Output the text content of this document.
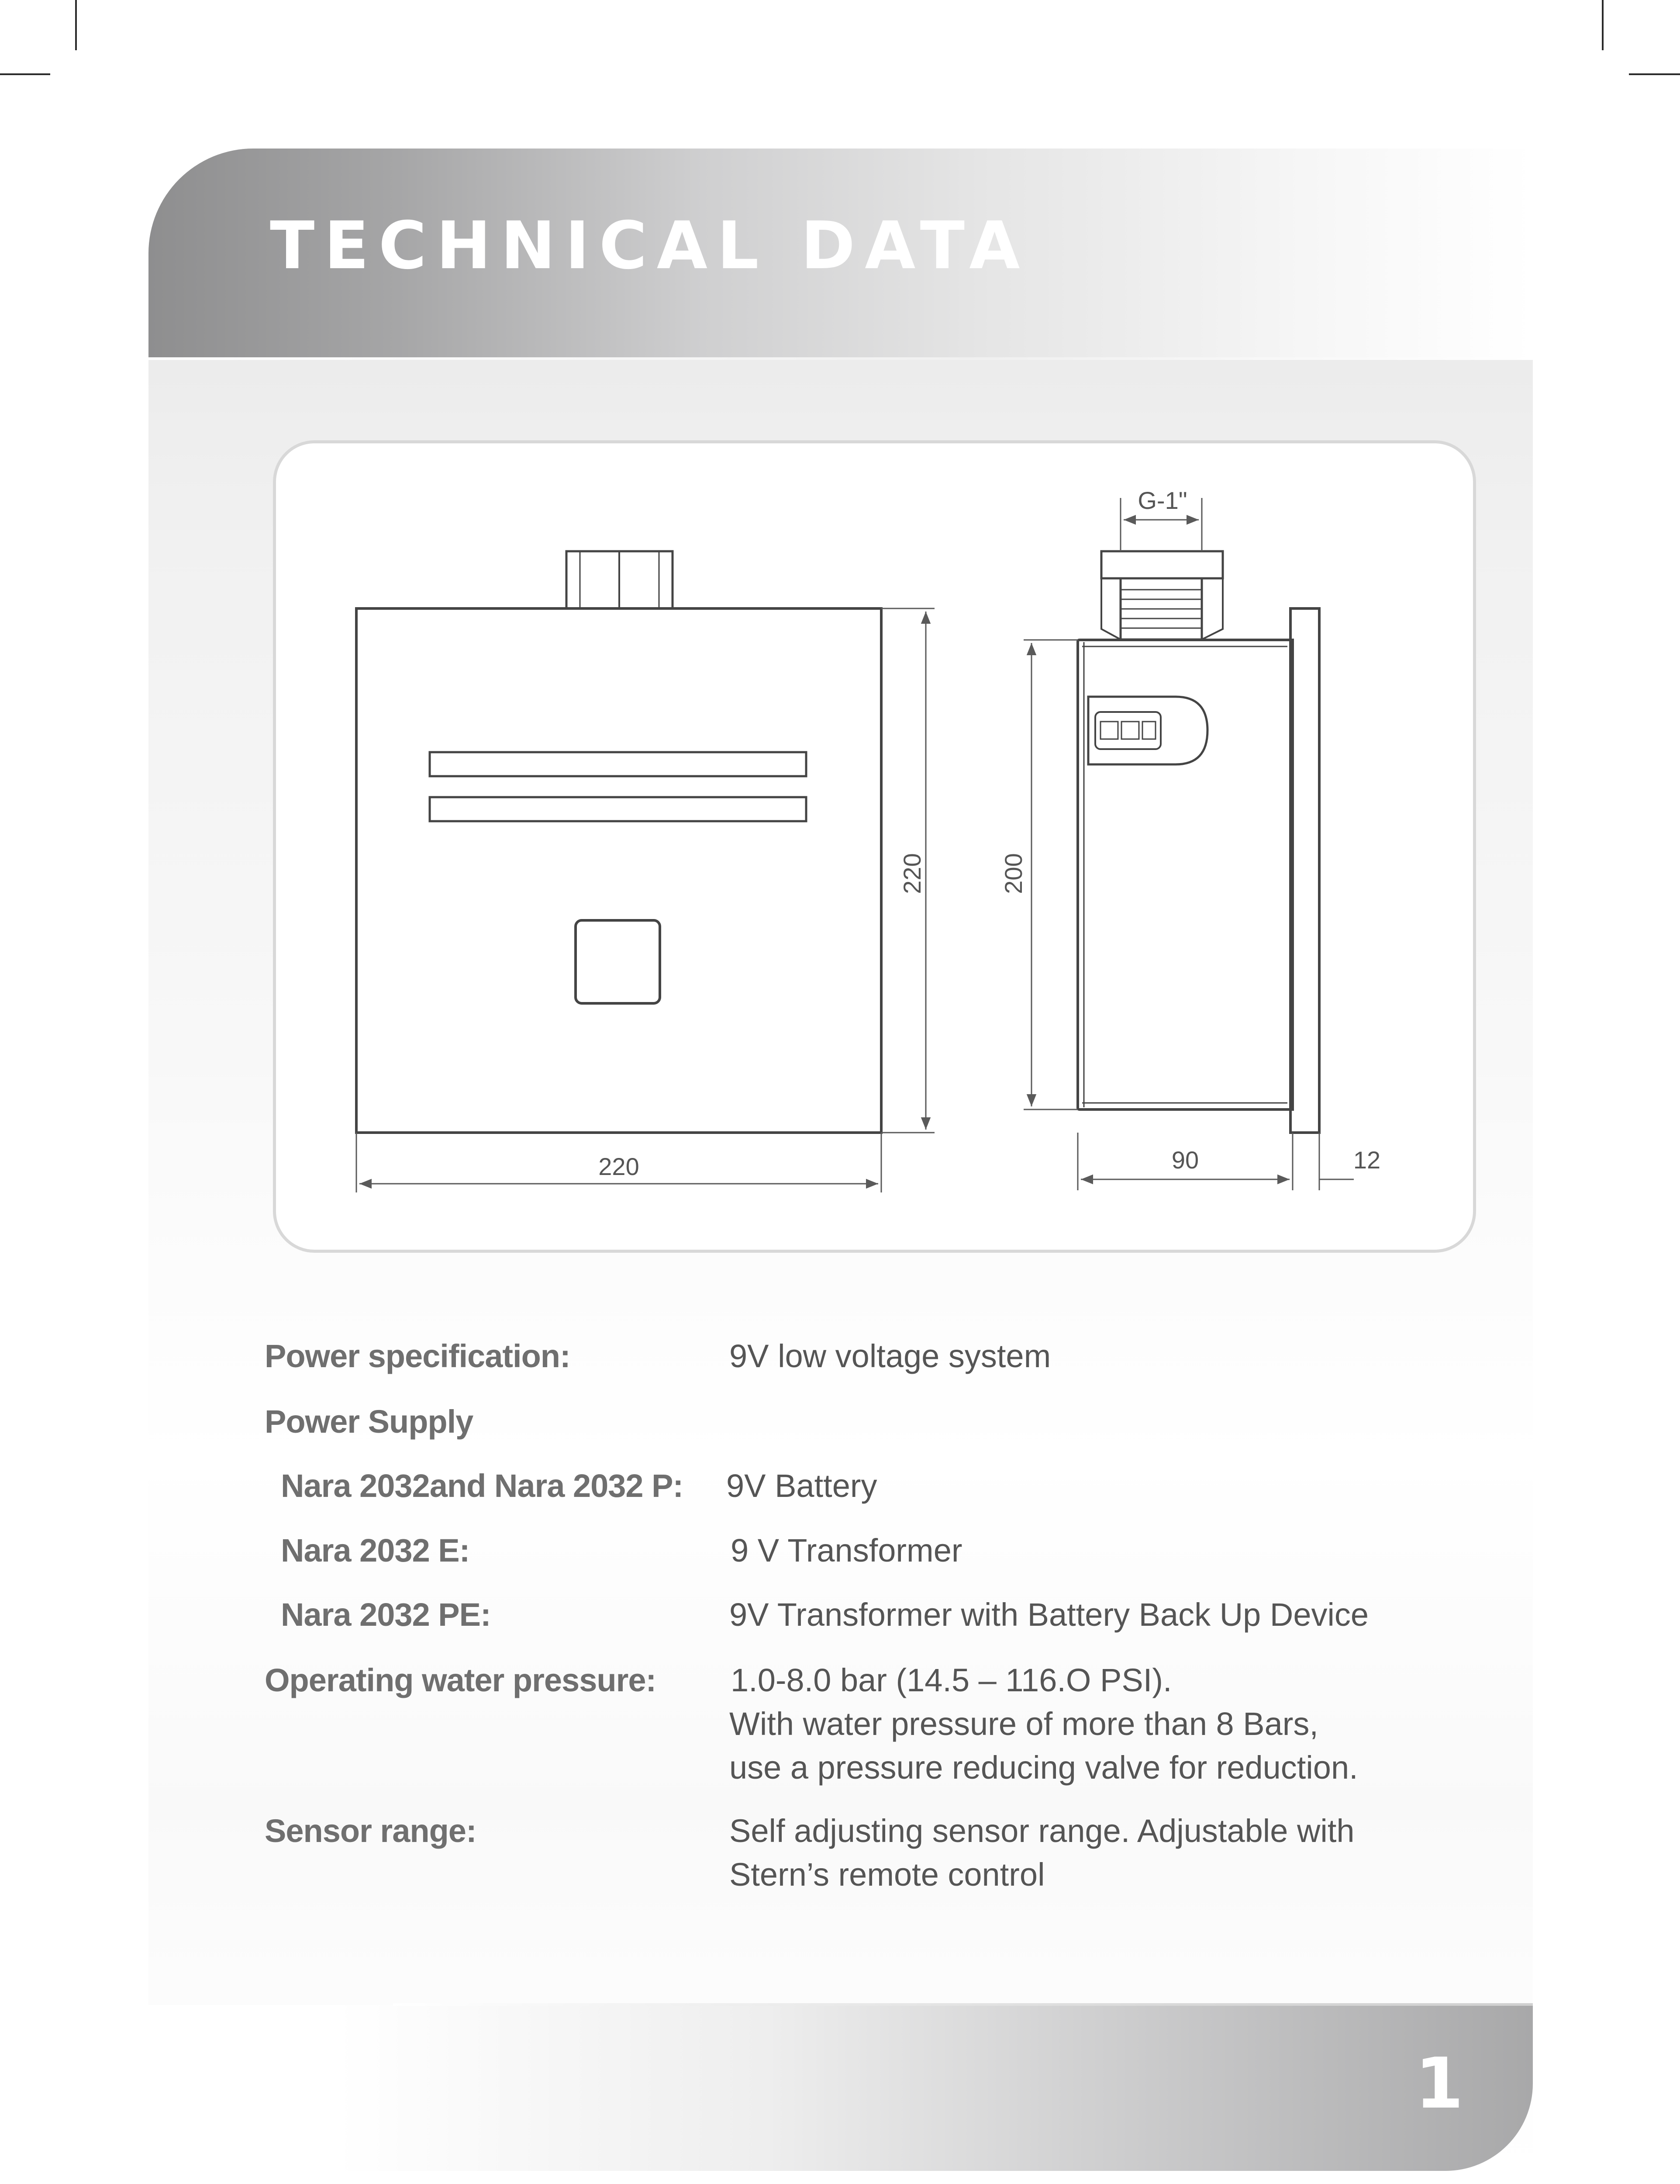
TECHNICAL DATA
220
220
200
G-1"
90	12

Power specification:	9V low voltage system

Power Supply

Nara 2032and Nara 2032 P: 9V Battery

Nara 2032 E:	9 V Transformer

Nara 2032 PE:	9V Transformer with Battery Back Up Device

Operating water pressure: 1.0-8.0 bar (14.5 – 116.O PSI).

With water pressure of more than 8 Bars,

use a pressure reducing valve for reduction.

Sensor range:	Self adjusting sensor range. Adjustable with

Stern’s remote control

1
